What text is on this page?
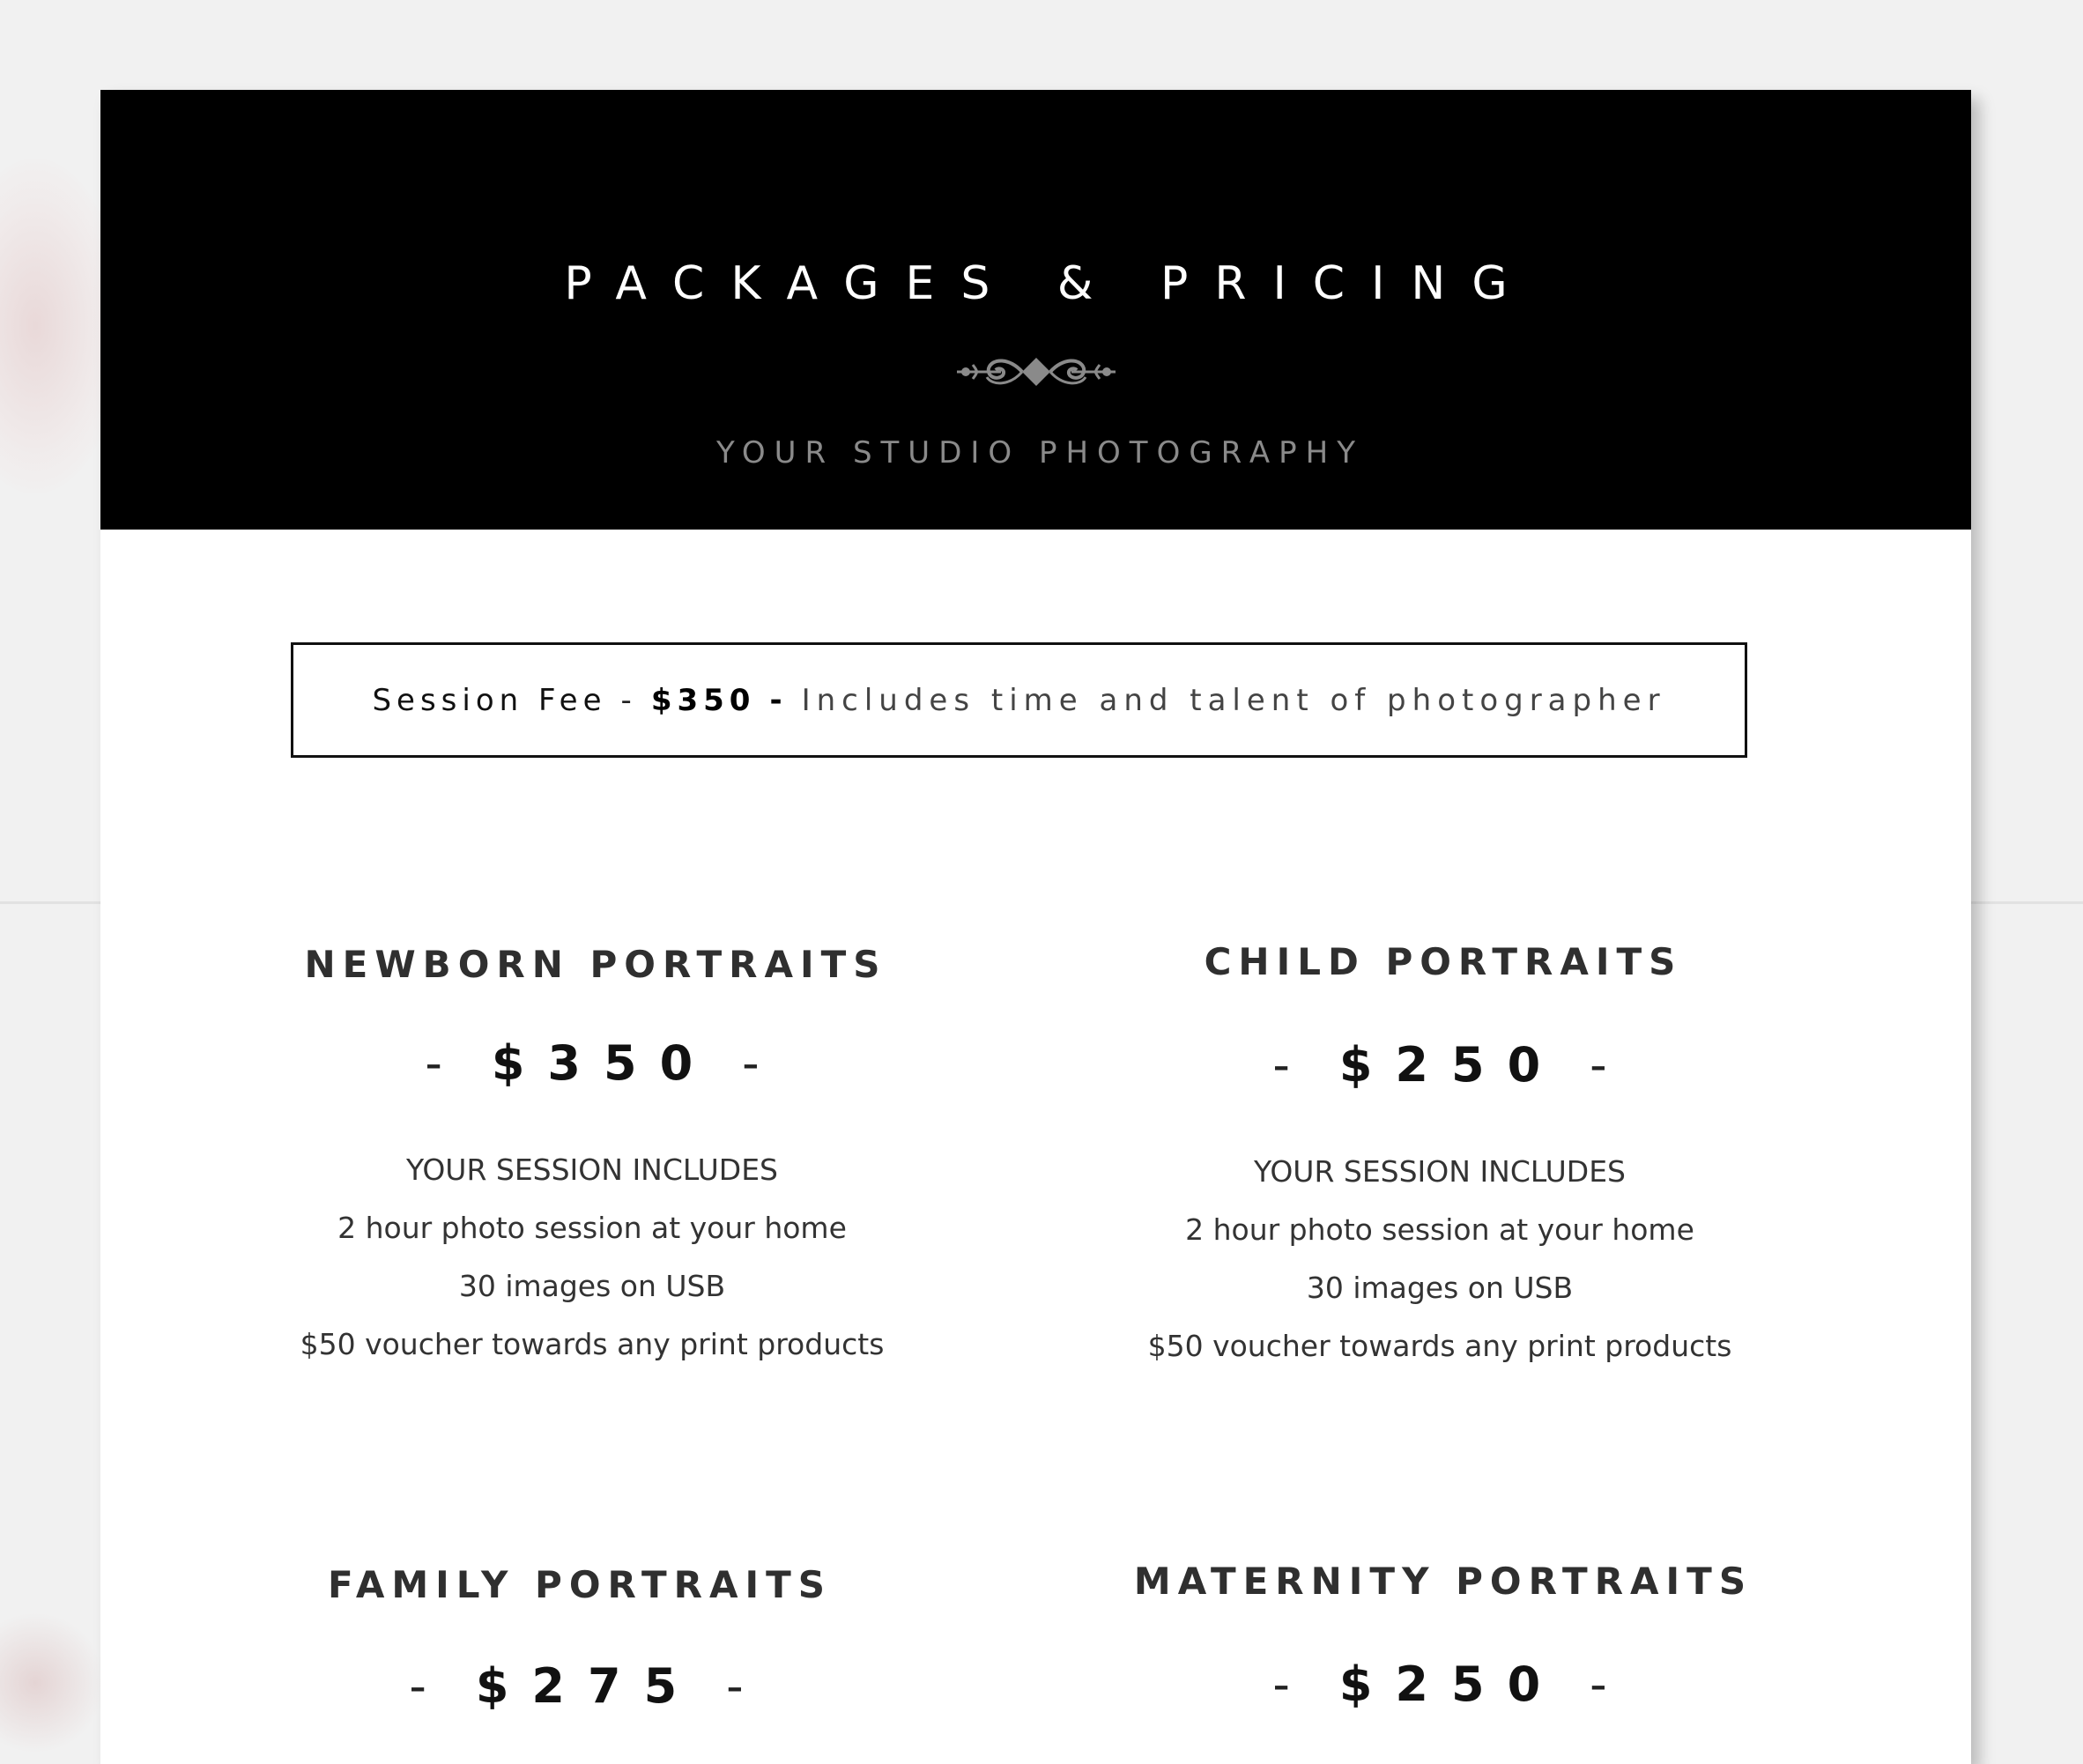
PACKAGES & PRICING
YOUR STUDIO PHOTOGRAPHY
Session Fee - $350 - Includes time and talent of photographer
NEWBORN PORTRAITS
- $350 -
YOUR SESSION INCLUDES
2 hour photo session at your home
30 images on USB
$50 voucher towards any print products
CHILD PORTRAITS
- $250 -
YOUR SESSION INCLUDES
2 hour photo session at your home
30 images on USB
$50 voucher towards any print products
FAMILY PORTRAITS
- $275 -
MATERNITY PORTRAITS
- $250 -
